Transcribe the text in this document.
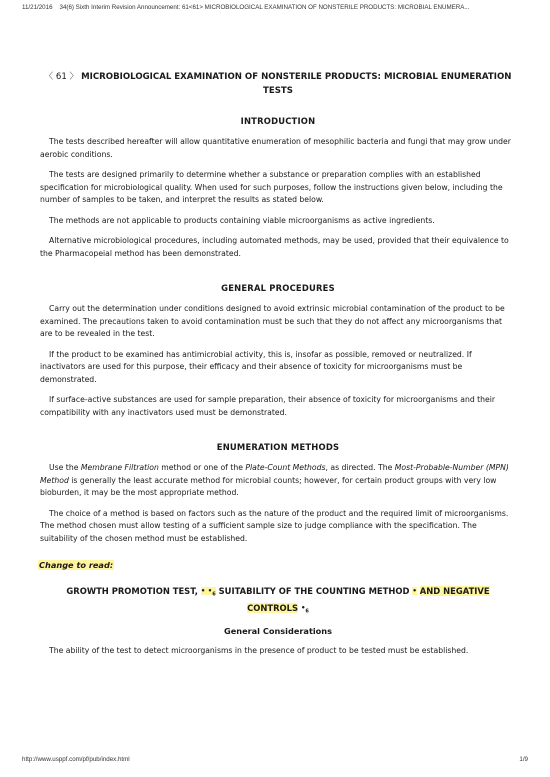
11/21/2016 34(6) Sixth Interim Revision Announcement: 61<61> MICROBIOLOGICAL EXAMINATION OF NONSTERILE PRODUCTS: MICROBIAL ENUMERA...
〈 61 〉 MICROBIOLOGICAL EXAMINATION OF NONSTERILE PRODUCTS: MICROBIAL ENUMERATION TESTS
INTRODUCTION

The tests described hereafter will allow quantitative enumeration of mesophilic bacteria and fungi that may grow under aerobic conditions.

The tests are designed primarily to determine whether a substance or preparation complies with an established specification for microbiological quality. When used for such purposes, follow the instructions given below, including the number of samples to be taken, and interpret the results as stated below.

The methods are not applicable to products containing viable microorganisms as active ingredients.

Alternative microbiological procedures, including automated methods, may be used, provided that their equivalence to the Pharmacopeial method has been demonstrated.

GENERAL PROCEDURES

Carry out the determination under conditions designed to avoid extrinsic microbial contamination of the product to be examined. The precautions taken to avoid contamination must be such that they do not affect any microorganisms that are to be revealed in the test.

If the product to be examined has antimicrobial activity, this is, insofar as possible, removed or neutralized. If inactivators are used for this purpose, their efficacy and their absence of toxicity for microorganisms must be demonstrated.

If surface-active substances are used for sample preparation, their absence of toxicity for microorganisms and their compatibility with any inactivators used must be demonstrated.

ENUMERATION METHODS

Use the Membrane Filtration method or one of the Plate-Count Methods, as directed. The Most-Probable-Number (MPN) Method is generally the least accurate method for microbial counts; however, for certain product groups with very low bioburden, it may be the most appropriate method.

The choice of a method is based on factors such as the nature of the product and the required limit of microorganisms. The method chosen must allow testing of a sufficient sample size to judge compliance with the specification. The suitability of the chosen method must be established.

Change to read:
GROWTH PROMOTION TEST, $^{• •_6}$ SUITABILITY OF THE COUNTING METHOD • AND NEGATIVE CONTROLS $^{•_6}$
General Considerations

The ability of the test to detect microorganisms in the presence of product to be tested must be established.

http://www.usppf.com/pf/pub/index.html	1/9
